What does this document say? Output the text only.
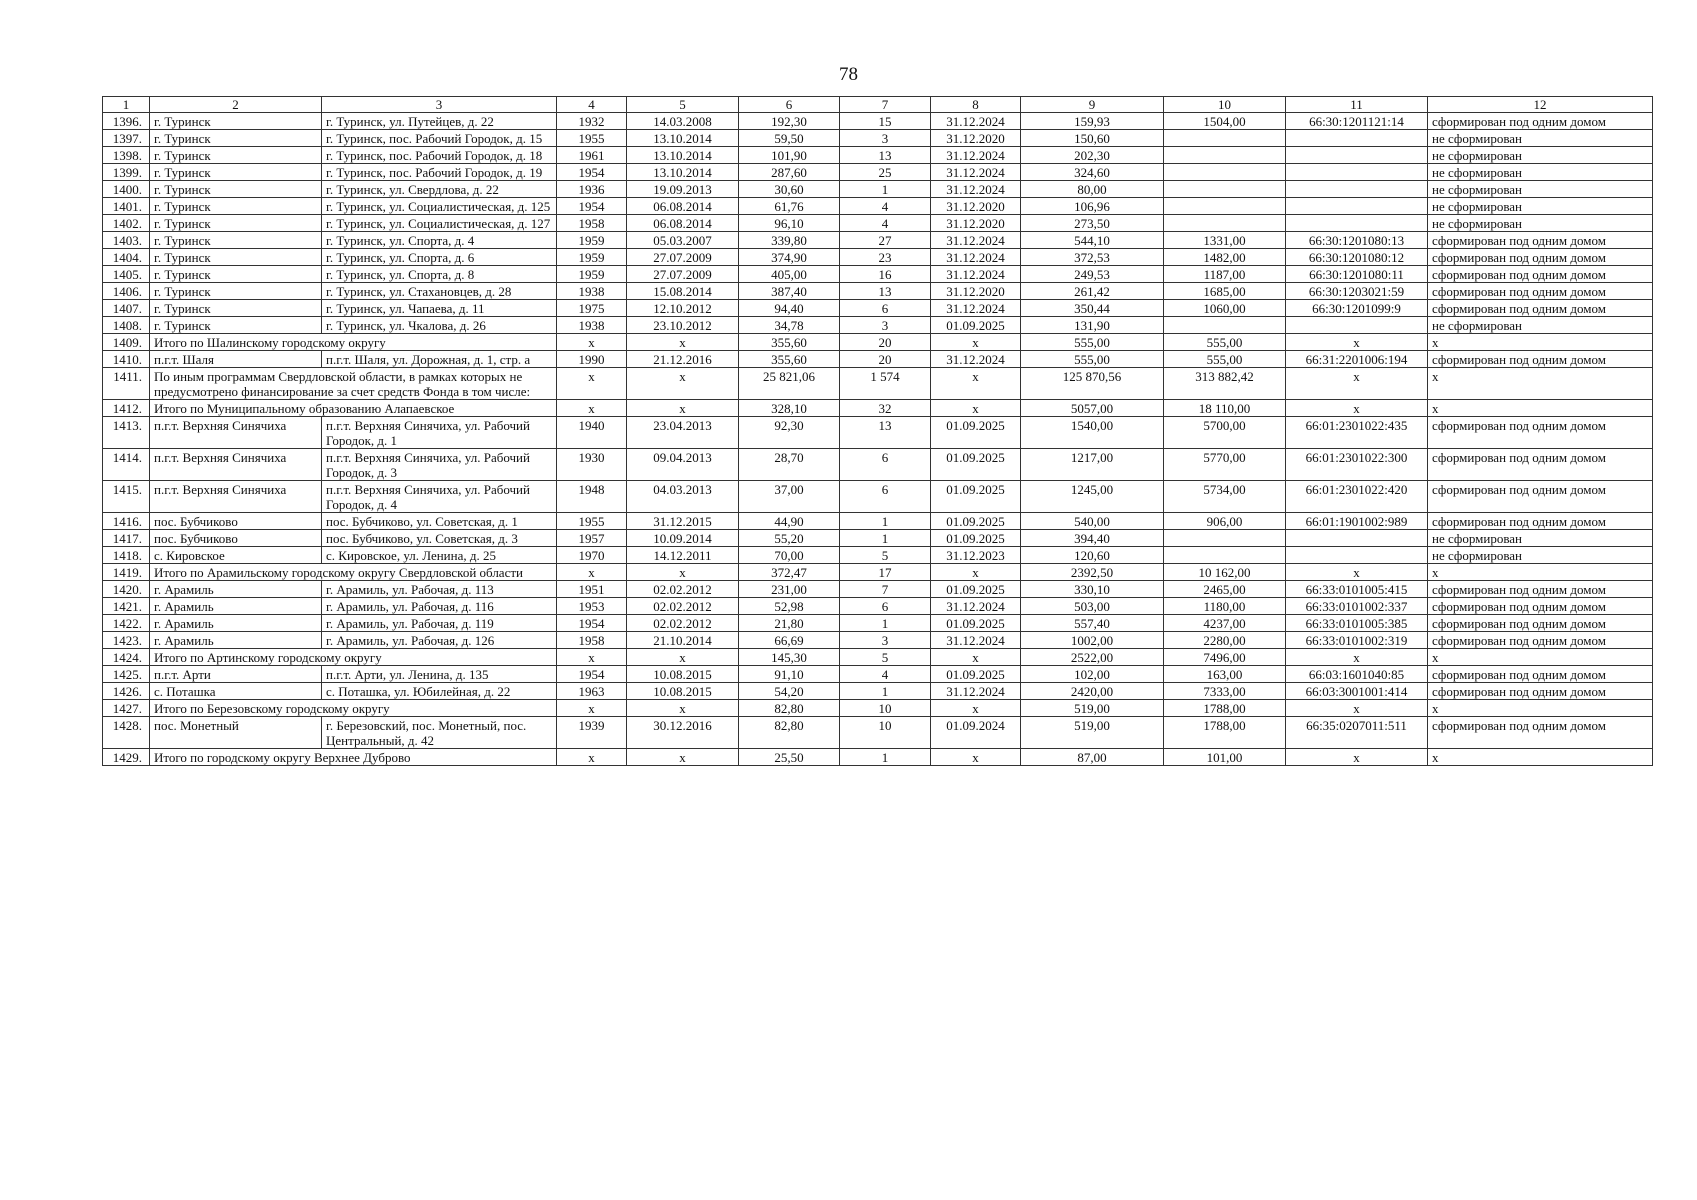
78
1	2	3	4	5	6	7	8	9	10	11	12
1396.	г. Туринск	г. Туринск, ул. Путейцев, д. 22	1932	14.03.2008	192,30	15	31.12.2024	159,93	1504,00	66:30:1201121:14	сформирован под одним домом
1397.	г. Туринск	г. Туринск, пос. Рабочий Городок, д. 15	1955	13.10.2014	59,50	3	31.12.2020	150,60			не сформирован
1398.	г. Туринск	г. Туринск, пос. Рабочий Городок, д. 18	1961	13.10.2014	101,90	13	31.12.2024	202,30			не сформирован
1399.	г. Туринск	г. Туринск, пос. Рабочий Городок, д. 19	1954	13.10.2014	287,60	25	31.12.2024	324,60			не сформирован
1400.	г. Туринск	г. Туринск, ул. Свердлова, д. 22	1936	19.09.2013	30,60	1	31.12.2024	80,00			не сформирован
1401.	г. Туринск	г. Туринск, ул. Социалистическая, д. 125	1954	06.08.2014	61,76	4	31.12.2020	106,96			не сформирован
1402.	г. Туринск	г. Туринск, ул. Социалистическая, д. 127	1958	06.08.2014	96,10	4	31.12.2020	273,50			не сформирован
1403.	г. Туринск	г. Туринск, ул. Спорта, д. 4	1959	05.03.2007	339,80	27	31.12.2024	544,10	1331,00	66:30:1201080:13	сформирован под одним домом
1404.	г. Туринск	г. Туринск, ул. Спорта, д. 6	1959	27.07.2009	374,90	23	31.12.2024	372,53	1482,00	66:30:1201080:12	сформирован под одним домом
1405.	г. Туринск	г. Туринск, ул. Спорта, д. 8	1959	27.07.2009	405,00	16	31.12.2024	249,53	1187,00	66:30:1201080:11	сформирован под одним домом
1406.	г. Туринск	г. Туринск, ул. Стахановцев, д. 28	1938	15.08.2014	387,40	13	31.12.2020	261,42	1685,00	66:30:1203021:59	сформирован под одним домом
1407.	г. Туринск	г. Туринск, ул. Чапаева, д. 11	1975	12.10.2012	94,40	6	31.12.2024	350,44	1060,00	66:30:1201099:9	сформирован под одним домом
1408.	г. Туринск	г. Туринск, ул. Чкалова, д. 26	1938	23.10.2012	34,78	3	01.09.2025	131,90			не сформирован
1409.	Итого по Шалинскому городскому округу		х	х	355,60	20	х	555,00	555,00	х	х
1410.	п.г.т. Шаля	п.г.т. Шаля, ул. Дорожная, д. 1, стр. а	1990	21.12.2016	355,60	20	31.12.2024	555,00	555,00	66:31:2201006:194	сформирован под одним домом
1411.	По иным программам Свердловской области, в рамках которых не предусмотрено финансирование за счет средств Фонда в том числе:		х	х	25 821,06	1 574	х	125 870,56	313 882,42	х	х
1412.	Итого по Муниципальному образованию Алапаевское		х	х	328,10	32	х	5057,00	18 110,00	х	х
1413.	п.г.т. Верхняя Синячиха	п.г.т. Верхняя Синячиха, ул. Рабочий Городок, д. 1	1940	23.04.2013	92,30	13	01.09.2025	1540,00	5700,00	66:01:2301022:435	сформирован под одним домом
1414.	п.г.т. Верхняя Синячиха	п.г.т. Верхняя Синячиха, ул. Рабочий Городок, д. 3	1930	09.04.2013	28,70	6	01.09.2025	1217,00	5770,00	66:01:2301022:300	сформирован под одним домом
1415.	п.г.т. Верхняя Синячиха	п.г.т. Верхняя Синячиха, ул. Рабочий Городок, д. 4	1948	04.03.2013	37,00	6	01.09.2025	1245,00	5734,00	66:01:2301022:420	сформирован под одним домом
1416.	пос. Бубчиково	пос. Бубчиково, ул. Советская, д. 1	1955	31.12.2015	44,90	1	01.09.2025	540,00	906,00	66:01:1901002:989	сформирован под одним домом
1417.	пос. Бубчиково	пос. Бубчиково, ул. Советская, д. 3	1957	10.09.2014	55,20	1	01.09.2025	394,40			не сформирован
1418.	с. Кировское	с. Кировское, ул. Ленина, д. 25	1970	14.12.2011	70,00	5	31.12.2023	120,60			не сформирован
1419.	Итого по Арамильскому городскому округу Свердловской области		х	х	372,47	17	х	2392,50	10 162,00	х	х
1420.	г. Арамиль	г. Арамиль, ул. Рабочая, д. 113	1951	02.02.2012	231,00	7	01.09.2025	330,10	2465,00	66:33:0101005:415	сформирован под одним домом
1421.	г. Арамиль	г. Арамиль, ул. Рабочая, д. 116	1953	02.02.2012	52,98	6	31.12.2024	503,00	1180,00	66:33:0101002:337	сформирован под одним домом
1422.	г. Арамиль	г. Арамиль, ул. Рабочая, д. 119	1954	02.02.2012	21,80	1	01.09.2025	557,40	4237,00	66:33:0101005:385	сформирован под одним домом
1423.	г. Арамиль	г. Арамиль, ул. Рабочая, д. 126	1958	21.10.2014	66,69	3	31.12.2024	1002,00	2280,00	66:33:0101002:319	сформирован под одним домом
1424.	Итого по Артинскому городскому округу		х	х	145,30	5	х	2522,00	7496,00	х	х
1425.	п.г.т. Арти	п.г.т. Арти, ул. Ленина, д. 135	1954	10.08.2015	91,10	4	01.09.2025	102,00	163,00	66:03:1601040:85	сформирован под одним домом
1426.	с. Поташка	с. Поташка, ул. Юбилейная, д. 22	1963	10.08.2015	54,20	1	31.12.2024	2420,00	7333,00	66:03:3001001:414	сформирован под одним домом
1427.	Итого по Березовскому городскому округу		х	х	82,80	10	х	519,00	1788,00	х	х
1428.	пос. Монетный	г. Березовский, пос. Монетный, пос. Центральный, д. 42	1939	30.12.2016	82,80	10	01.09.2024	519,00	1788,00	66:35:0207011:511	сформирован под одним домом
1429.	Итого по городскому округу Верхнее Дуброво		х	х	25,50	1	х	87,00	101,00	х	х
